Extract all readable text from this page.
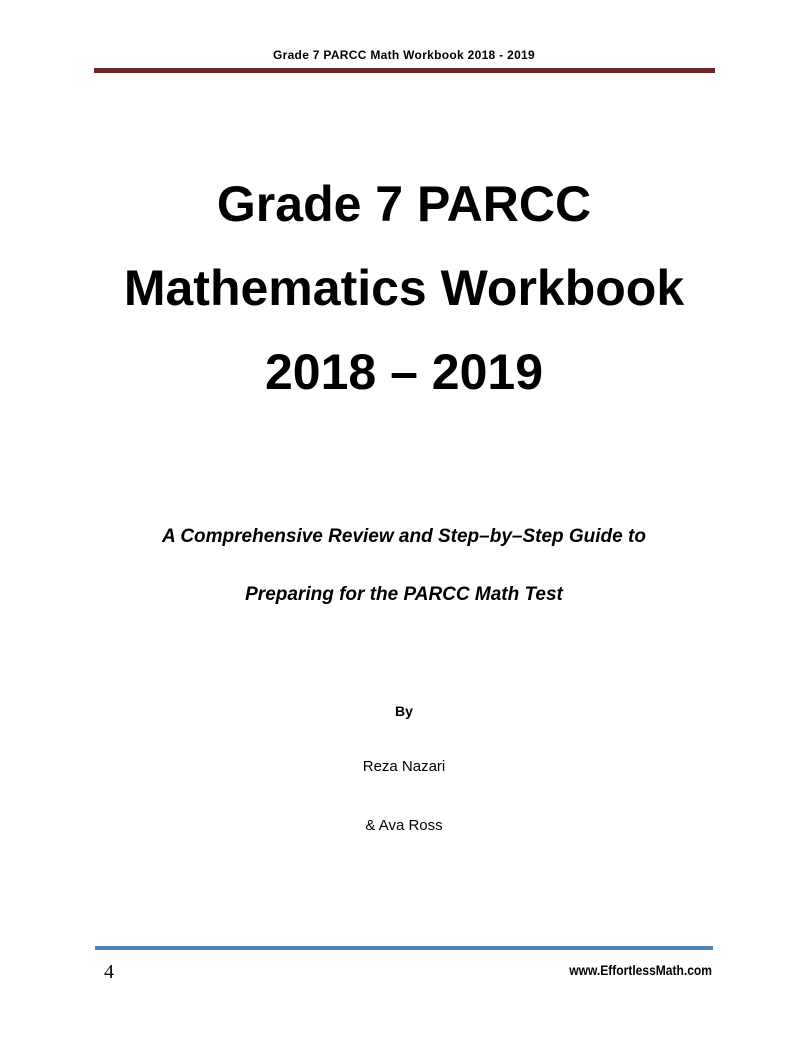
Grade 7 PARCC Math Workbook 2018 - 2019
Grade 7 PARCC
Mathematics Workbook
2018 – 2019
A Comprehensive Review and Step–by–Step Guide to
Preparing for the PARCC Math Test
By
Reza Nazari
& Ava Ross
4	www.EffortlessMath.com
